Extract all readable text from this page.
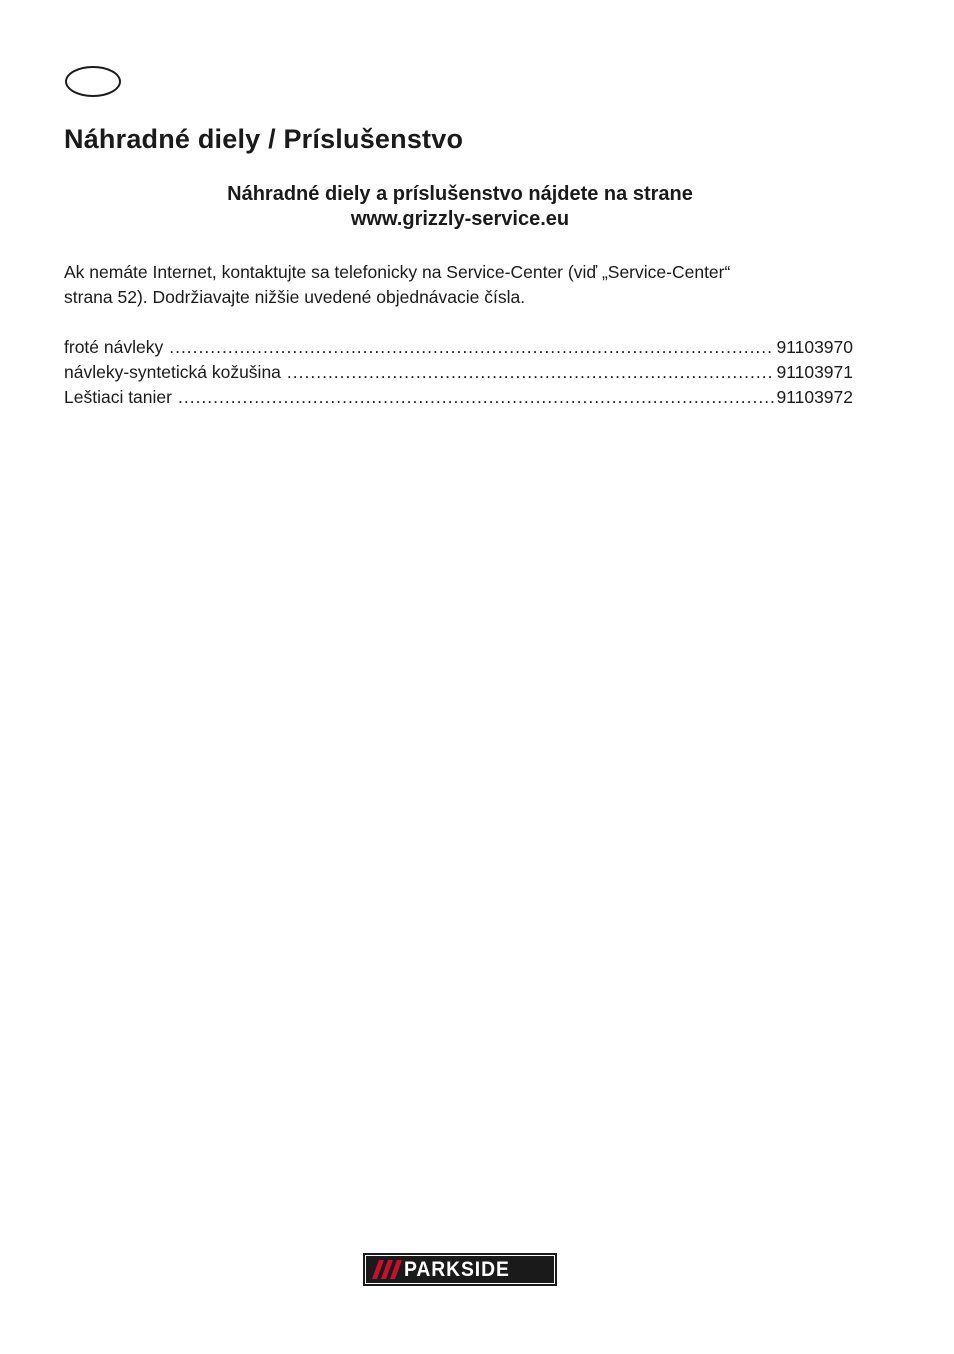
Náhradné diely / Príslušenstvo
Náhradné diely a príslušenstvo nájdete na strane
www.grizzly-service.eu
Ak nemáte Internet, kontaktujte sa telefonicky na Service-Center (viď „Service-Center“
strana 52). Dodržiavajte nižšie uvedené objednávacie čísla.
froté návleky .....	91103970
návleky-syntetická kožušina .....	91103971
Leštiaci tanier .....	91103972
PARKSIDE
